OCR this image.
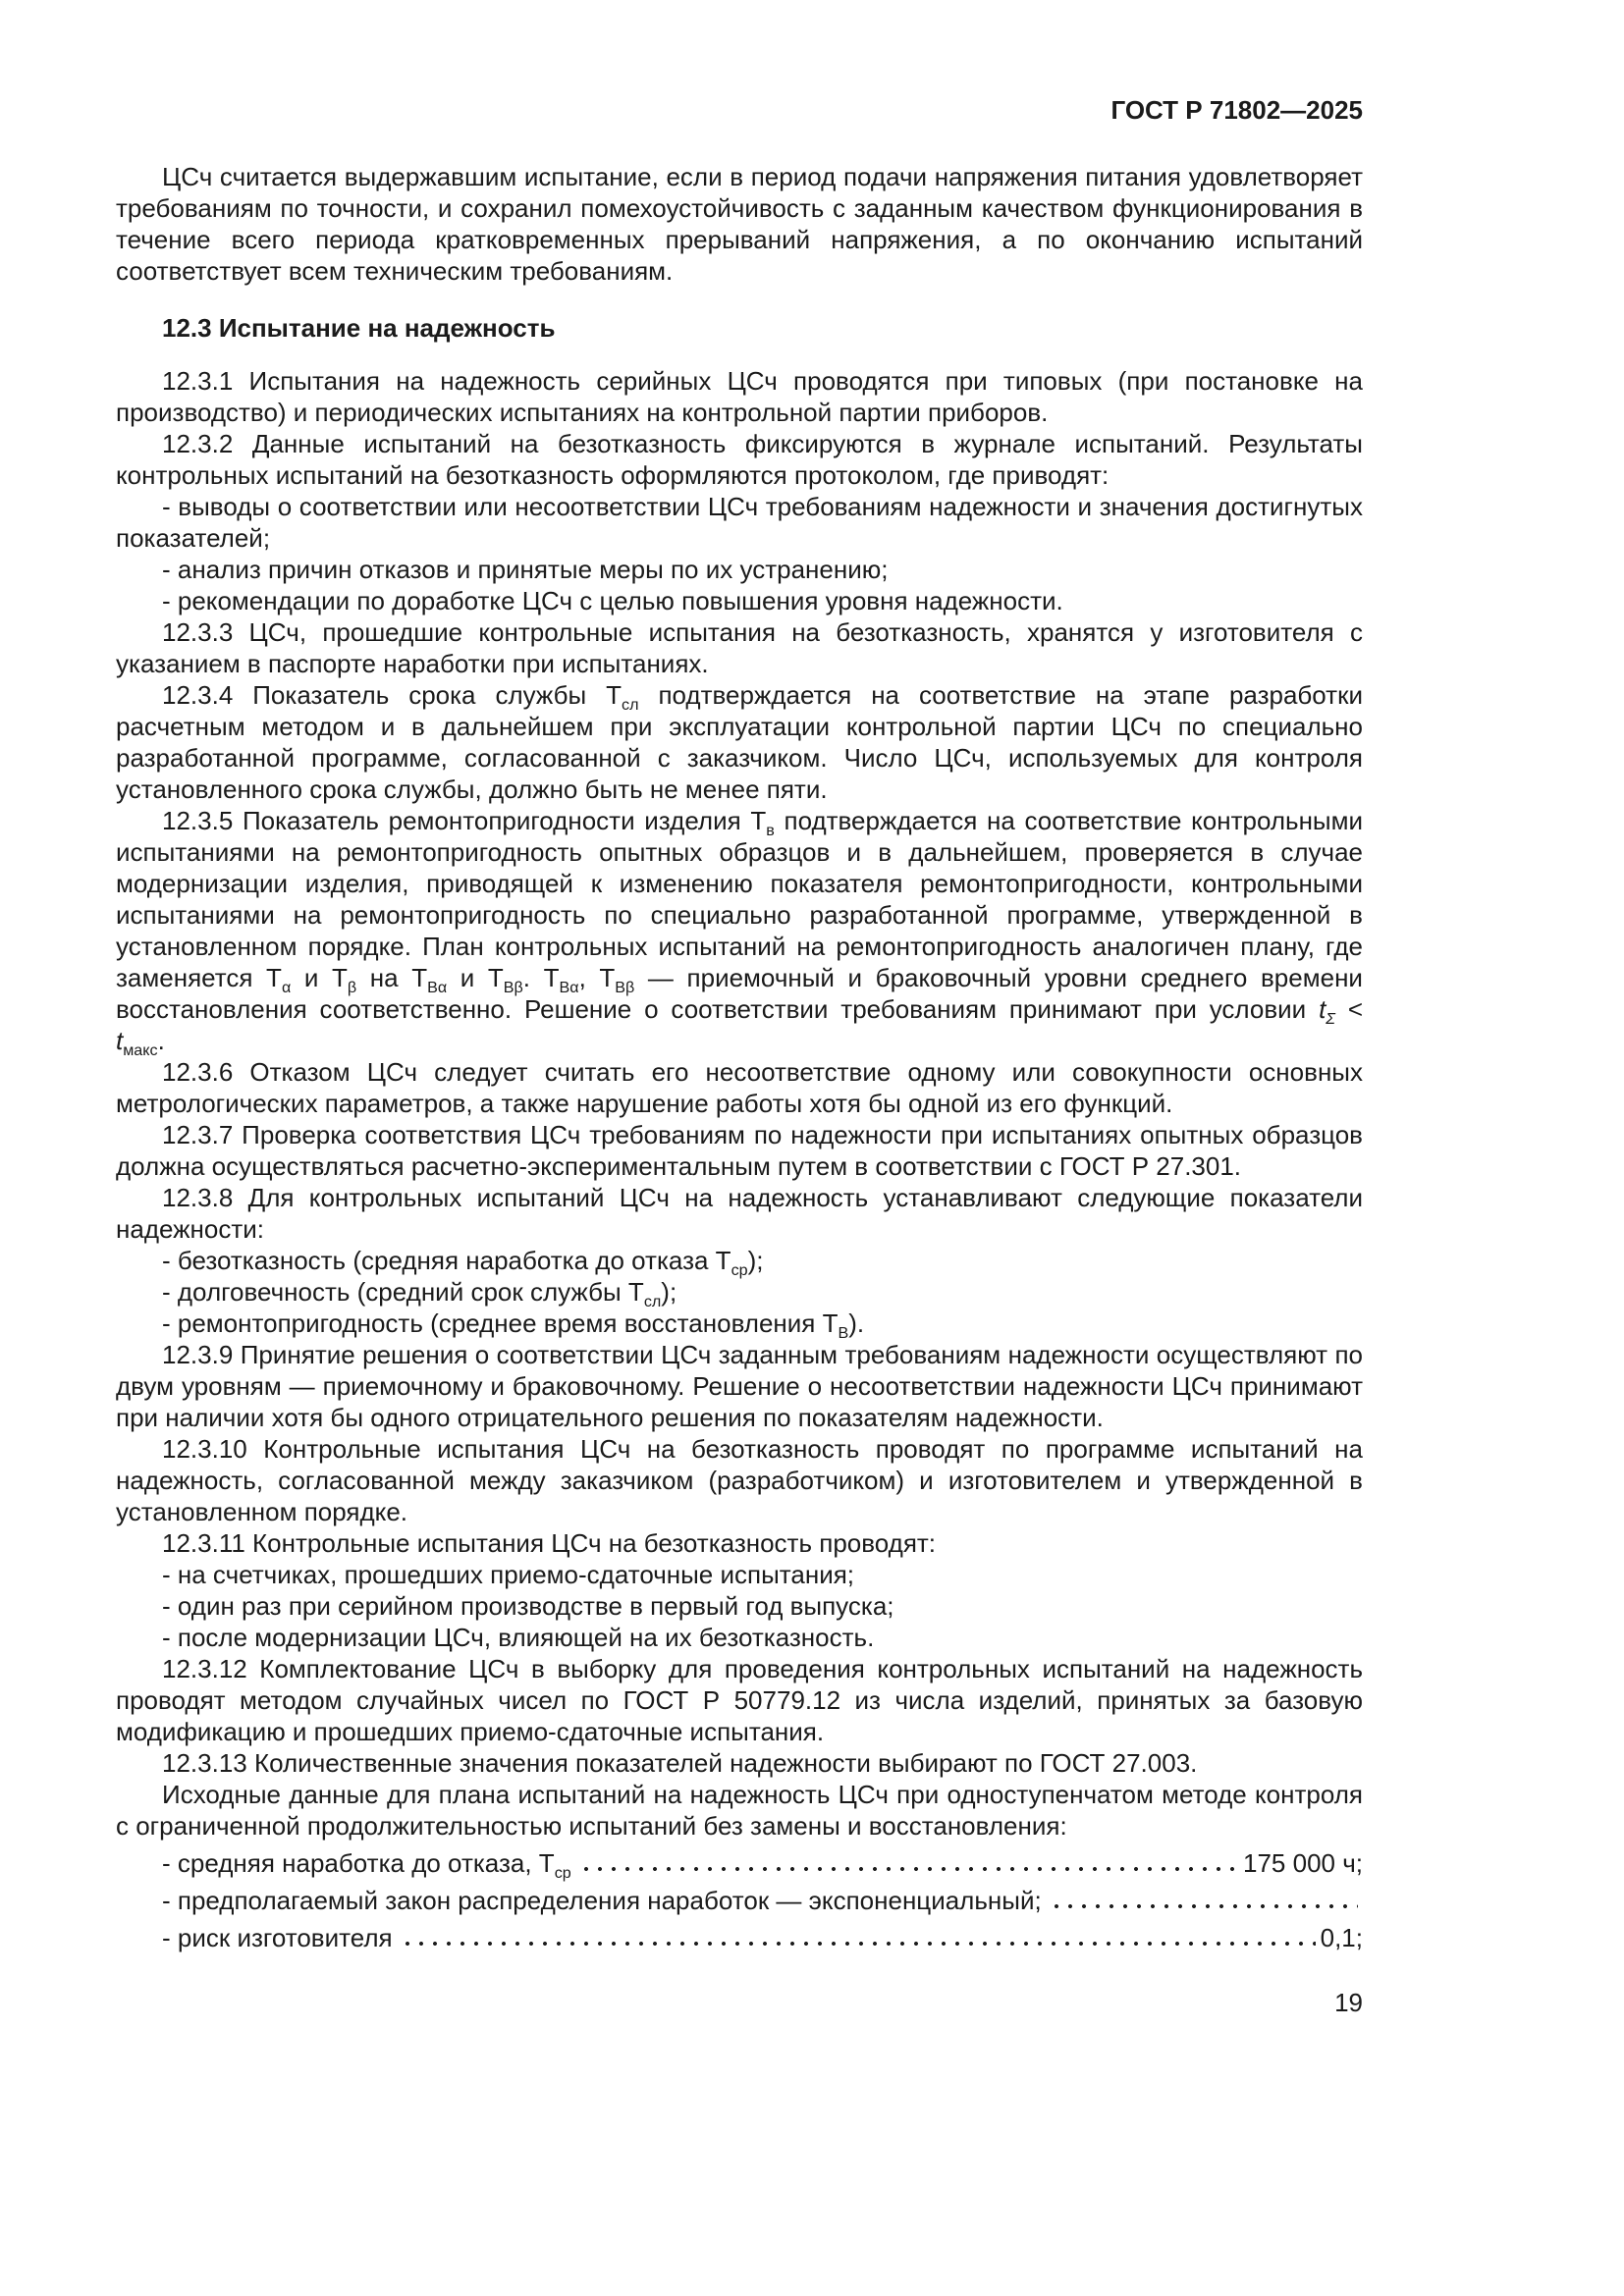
ГОСТ Р 71802—2025

ЦСч считается выдержавшим испытание, если в период подачи напряжения питания удовлетворяет требованиям по точности, и сохранил помехоустойчивость с заданным качеством функционирования в течение всего периода кратковременных прерываний напряжения, а по окончанию испытаний соответствует всем техническим требованиям.

12.3 Испытание на надежность

12.3.1 Испытания на надежность серийных ЦСч проводятся при типовых (при постановке на производство) и периодических испытаниях на контрольной партии приборов.

12.3.2 Данные испытаний на безотказность фиксируются в журнале испытаний. Результаты контрольных испытаний на безотказность оформляются протоколом, где приводят:

- выводы о соответствии или несоответствии ЦСч требованиям надежности и значения достигнутых показателей;

- анализ причин отказов и принятые меры по их устранению;

- рекомендации по доработке ЦСч с целью повышения уровня надежности.

12.3.3 ЦСч, прошедшие контрольные испытания на безотказность, хранятся у изготовителя с указанием в паспорте наработки при испытаниях.

12.3.4 Показатель срока службы $Т_{сл}$ подтверждается на соответствие на этапе разработки расчетным методом и в дальнейшем при эксплуатации контрольной партии ЦСч по специально разработанной программе, согласованной с заказчиком. Число ЦСч, используемых для контроля установленного срока службы, должно быть не менее пяти.

12.3.5 Показатель ремонтопригодности изделия $Т_в$ подтверждается на соответствие контрольными испытаниями на ремонтопригодность опытных образцов и в дальнейшем, проверяется в случае модернизации изделия, приводящей к изменению показателя ремонтопригодности, контрольными испытаниями на ремонтопригодность по специально разработанной программе, утвержденной в установленном порядке. План контрольных испытаний на ремонтопригодность аналогичен плану, где заменяется $Т_\alpha$ и $Т_\beta$ на $Т_{В\alpha}$ и $Т_{В\beta}$. $Т_{В\alpha}$, $Т_{В\beta}$ — приемочный и браковочный уровни среднего времени восстановления соответственно. Решение о соответствии требованиям принимают при условии $t_\Sigma < t_{макс}$.

12.3.6 Отказом ЦСч следует считать его несоответствие одному или совокупности основных метрологических параметров, а также нарушение работы хотя бы одной из его функций.

12.3.7 Проверка соответствия ЦСч требованиям по надежности при испытаниях опытных образцов должна осуществляться расчетно-экспериментальным путем в соответствии с ГОСТ Р 27.301.

12.3.8 Для контрольных испытаний ЦСч на надежность устанавливают следующие показатели надежности:

- безотказность (средняя наработка до отказа $Т_{ср}$);

- долговечность (средний срок службы $Т_{сл}$);

- ремонтопригодность (среднее время восстановления $Т_В$).

12.3.9 Принятие решения о соответствии ЦСч заданным требованиям надежности осуществляют по двум уровням — приемочному и браковочному. Решение о несоответствии надежности ЦСч принимают при наличии хотя бы одного отрицательного решения по показателям надежности.

12.3.10 Контрольные испытания ЦСч на безотказность проводят по программе испытаний на надежность, согласованной между заказчиком (разработчиком) и изготовителем и утвержденной в установленном порядке.

12.3.11 Контрольные испытания ЦСч на безотказность проводят:

- на счетчиках, прошедших приемо-сдаточные испытания;

- один раз при серийном производстве в первый год выпуска;

- после модернизации ЦСч, влияющей на их безотказность.

12.3.12 Комплектование ЦСч в выборку для проведения контрольных испытаний на надежность проводят методом случайных чисел по ГОСТ Р 50779.12 из числа изделий, принятых за базовую модификацию и прошедших приемо-сдаточные испытания.

12.3.13 Количественные значения показателей надежности выбирают по ГОСТ 27.003.

Исходные данные для плана испытаний на надежность ЦСч при одноступенчатом методе контроля с ограниченной продолжительностью испытаний без замены и восстановления:

- средняя наработка до отказа, $Т_{ср}$	175 000 ч;

- предполагаемый закон распределения наработок — экспоненциальный;

- риск изготовителя	0,1;

19
